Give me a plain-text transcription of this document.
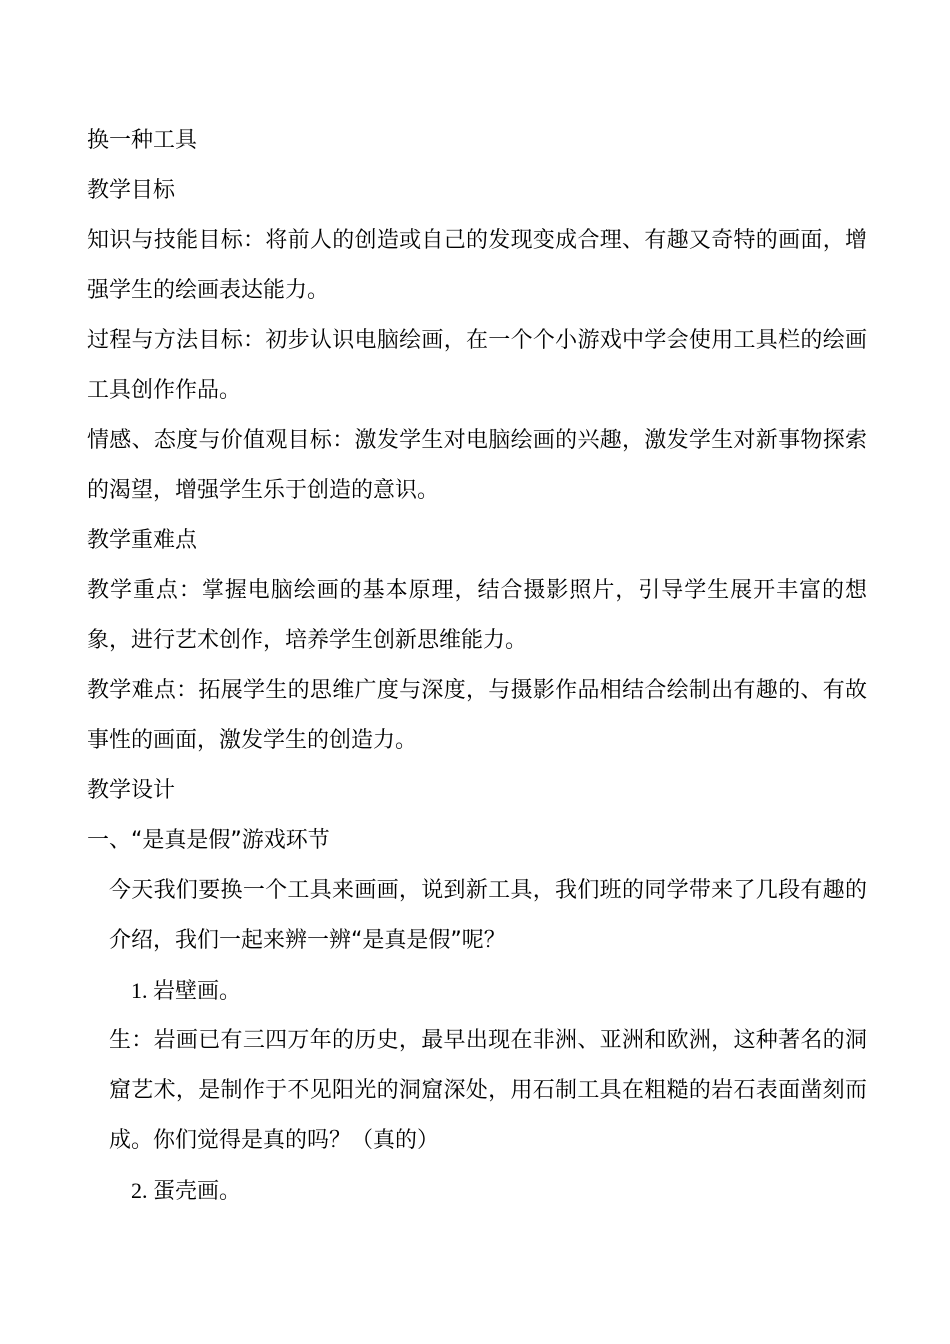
换一种工具
教学目标
知识与技能目标：将前人的创造或自己的发现变成合理、有趣又奇特的画面，增强学生的绘画表达能力。
过程与方法目标：初步认识电脑绘画，在一个个小游戏中学会使用工具栏的绘画工具创作作品。
情感、态度与价值观目标：激发学生对电脑绘画的兴趣，激发学生对新事物探索的渴望，增强学生乐于创造的意识。
教学重难点
教学重点：掌握电脑绘画的基本原理，结合摄影照片，引导学生展开丰富的想象，进行艺术创作，培养学生创新思维能力。
教学难点：拓展学生的思维广度与深度，与摄影作品相结合绘制出有趣的、有故事性的画面，激发学生的创造力。
教学设计
一、“是真是假”游戏环节
今天我们要换一个工具来画画，说到新工具，我们班的同学带来了几段有趣的介绍，我们一起来辨一辨“是真是假”呢？
1. 岩壁画。
生：岩画已有三四万年的历史，最早出现在非洲、亚洲和欧洲，这种著名的洞窟艺术，是制作于不见阳光的洞窟深处，用石制工具在粗糙的岩石表面凿刻而成。你们觉得是真的吗？（真的）
2. 蛋壳画。
